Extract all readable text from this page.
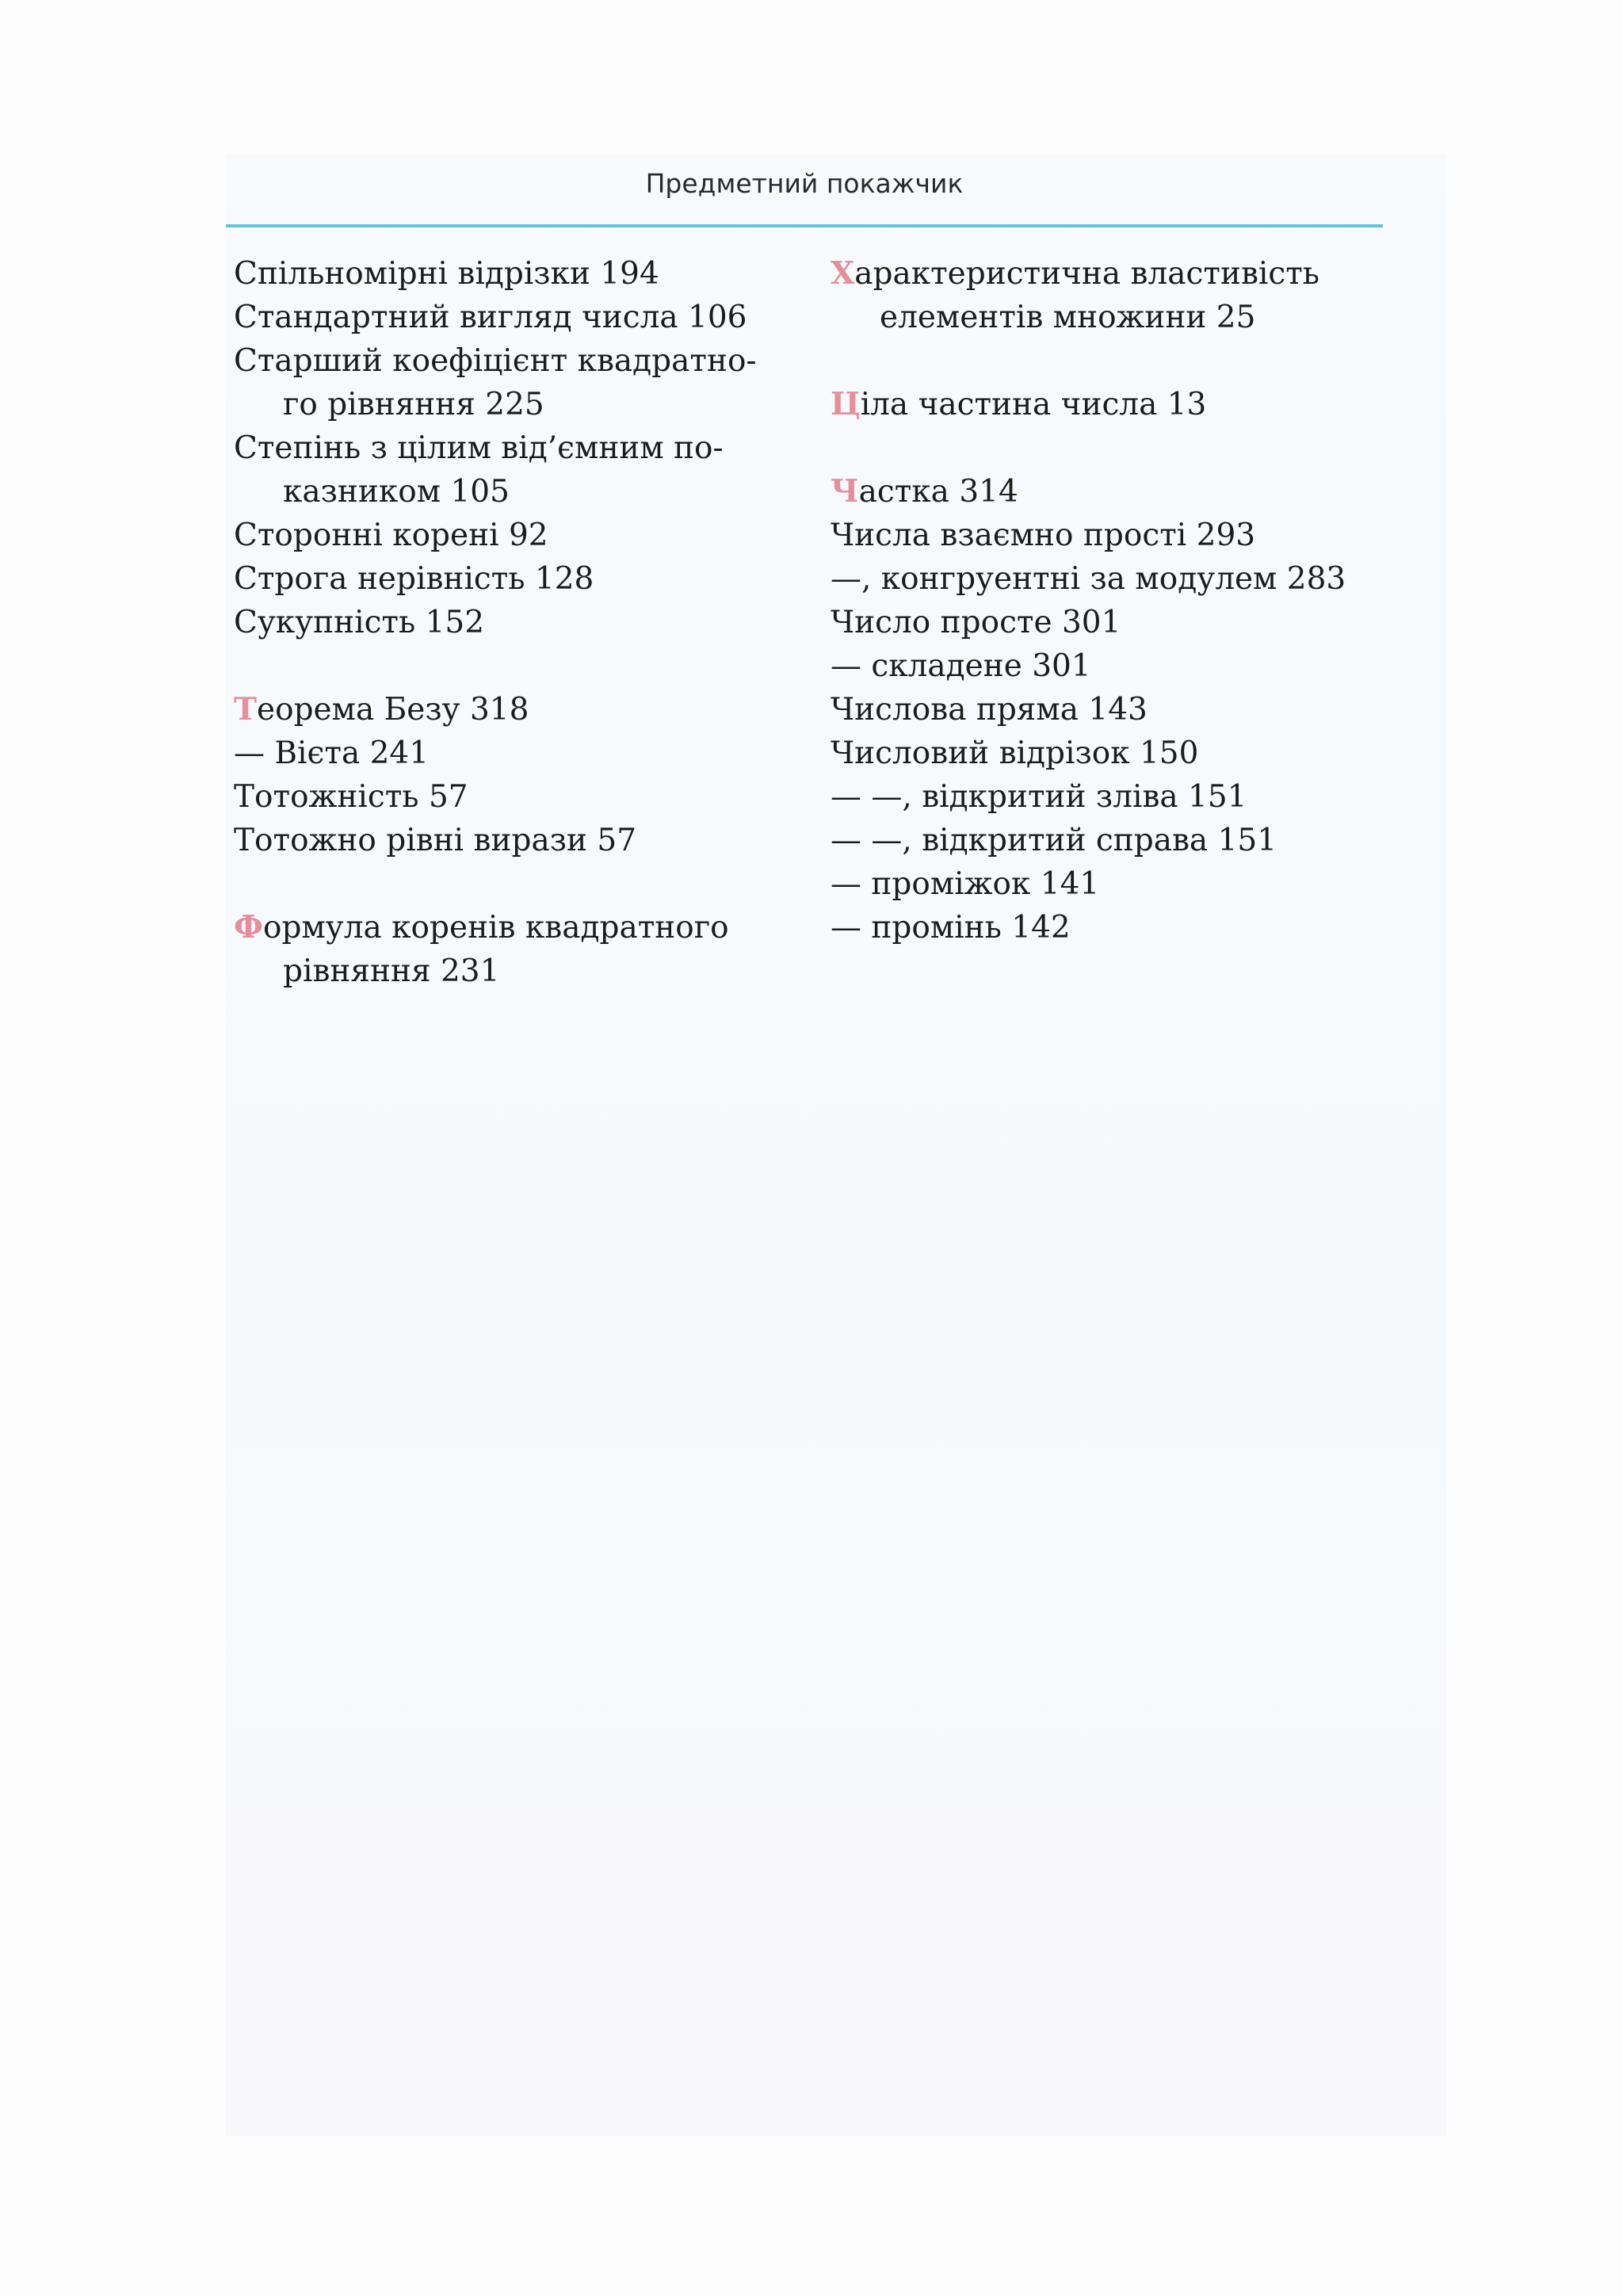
Предметний покажчик
Спільномірні відрізки 194
Стандартний вигляд числа 106
Старший коефіцієнт квадратно-
го рівняння 225
Степінь з цілим від’ємним по-
казником 105
Сторонні корені 92
Строга нерівність 128
Сукупність 152
Теорема Безу 318
— Вієта 241
Тотожність 57
Тотожно рівні вирази 57
Формула коренів квадратного
рівняння 231
Характеристична властивість
елементів множини 25
Ціла частина числа 13
Частка 314
Числа взаємно прості 293
—, конгруентні за модулем 283
Число просте 301
— складене 301
Числова пряма 143
Числовий відрізок 150
— —, відкритий зліва 151
— —, відкритий справа 151
— проміжок 141
— промінь 142
